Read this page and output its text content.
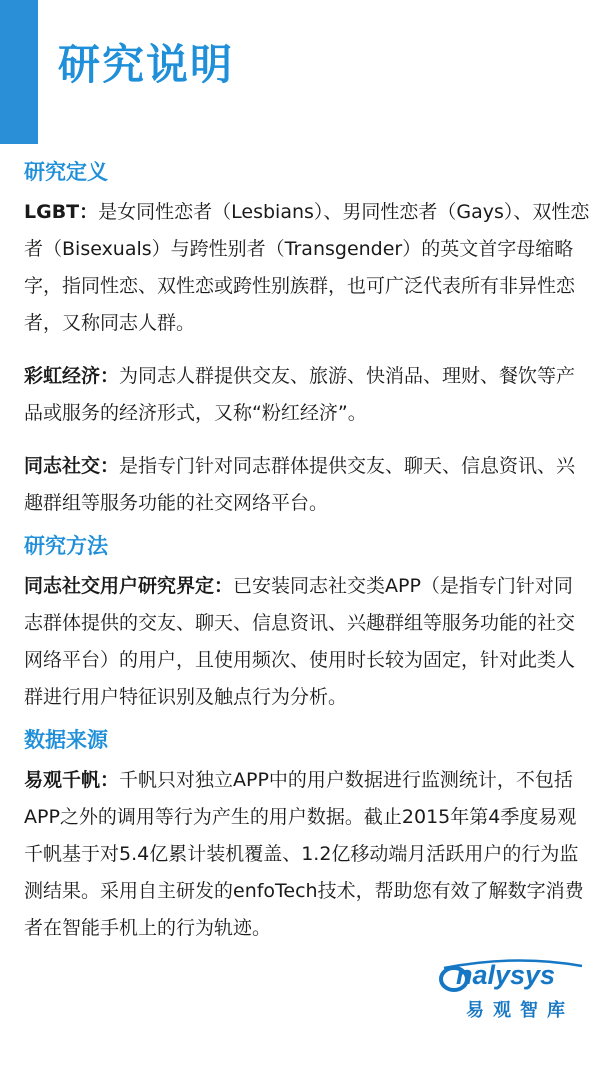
研究说明
研究定义

LGBT：是女同性恋者（Lesbians）、男同性恋者（Gays）、双性恋者（Bisexuals）与跨性别者（Transgender）的英文首字母缩略字，指同性恋、双性恋或跨性别族群，也可广泛代表所有非异性恋者，又称同志人群。

彩虹经济：为同志人群提供交友、旅游、快消品、理财、餐饮等产品或服务的经济形式，又称“粉红经济”。

同志社交：是指专门针对同志群体提供交友、聊天、信息资讯、兴趣群组等服务功能的社交网络平台。

研究方法

同志社交用户研究界定：已安装同志社交类APP（是指专门针对同志群体提供的交友、聊天、信息资讯、兴趣群组等服务功能的社交网络平台）的用户，且使用频次、使用时长较为固定，针对此类人群进行用户特征识别及触点行为分析。

数据来源

易观千帆：千帆只对独立APP中的用户数据进行监测统计，不包括APP之外的调用等行为产生的用户数据。截止2015年第4季度易观千帆基于对5.4亿累计装机覆盖、1.2亿移动端月活跃用户的行为监测结果。采用自主研发的enfoTech技术，帮助您有效了解数字消费者在智能手机上的行为轨迹。

nalysys
易观智库
